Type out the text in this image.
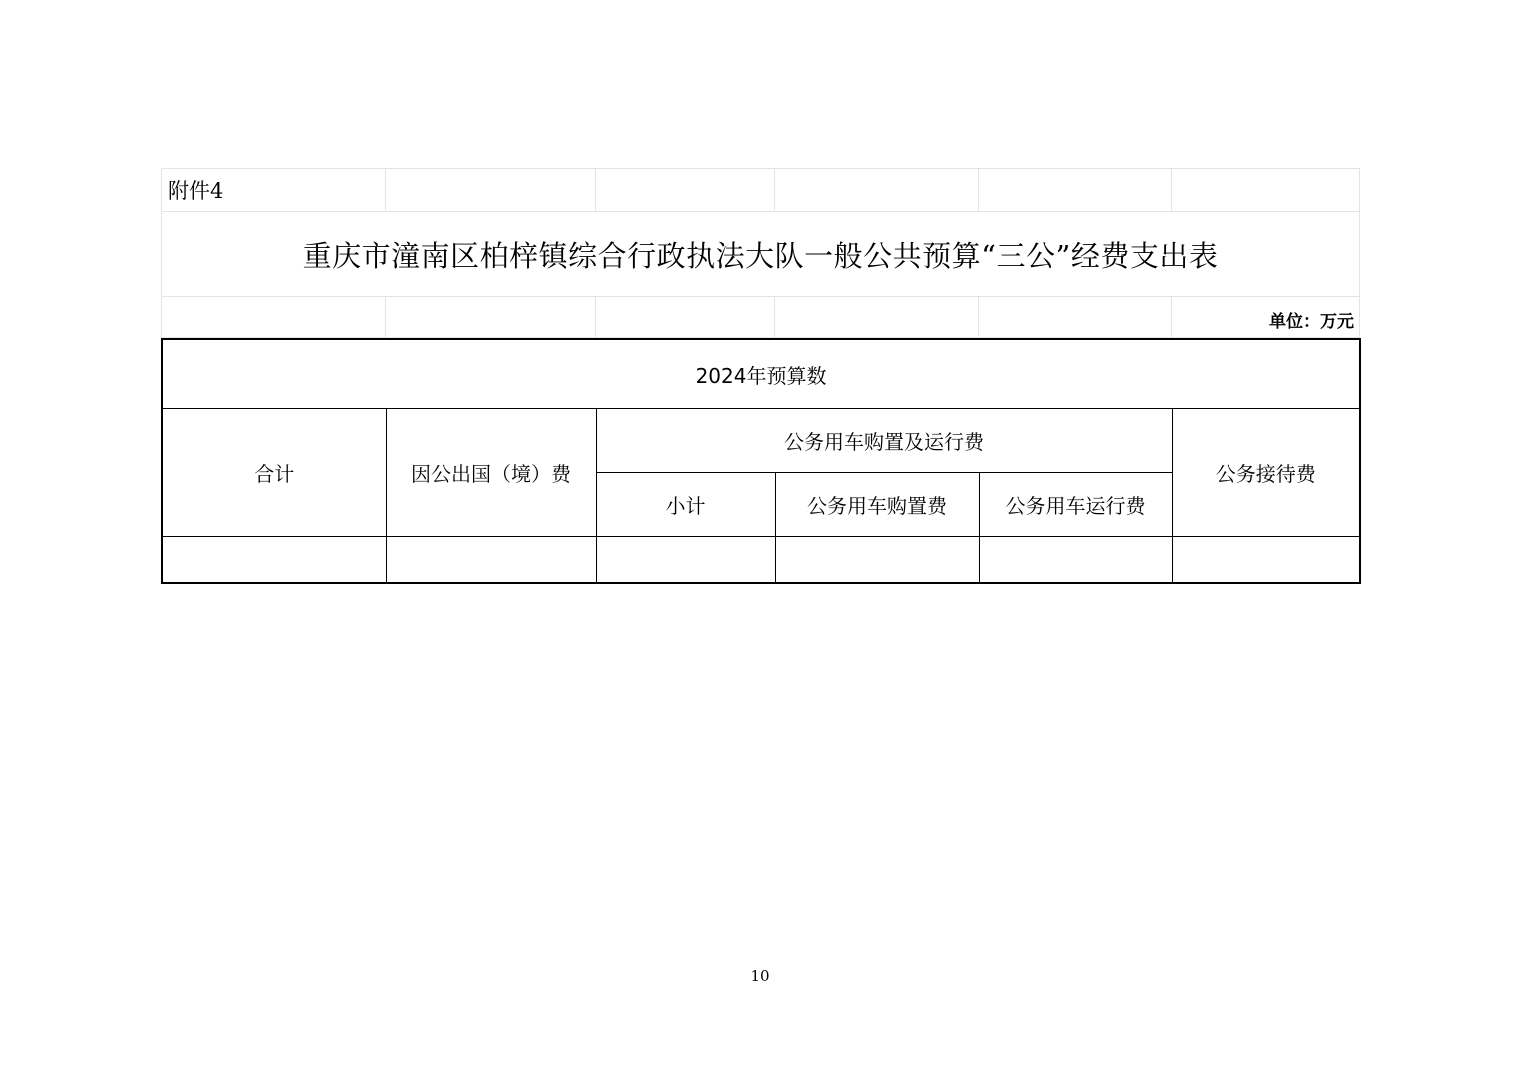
附件4					
重庆市潼南区柏梓镇综合行政执法大队一般公共预算“三公”经费支出表					
					单位：万元
2024年预算数					
合计	因公出国（境）费	公务用车购置及运行费			公务接待费
		小计	公务用车购置费	公务用车运行费	

10
